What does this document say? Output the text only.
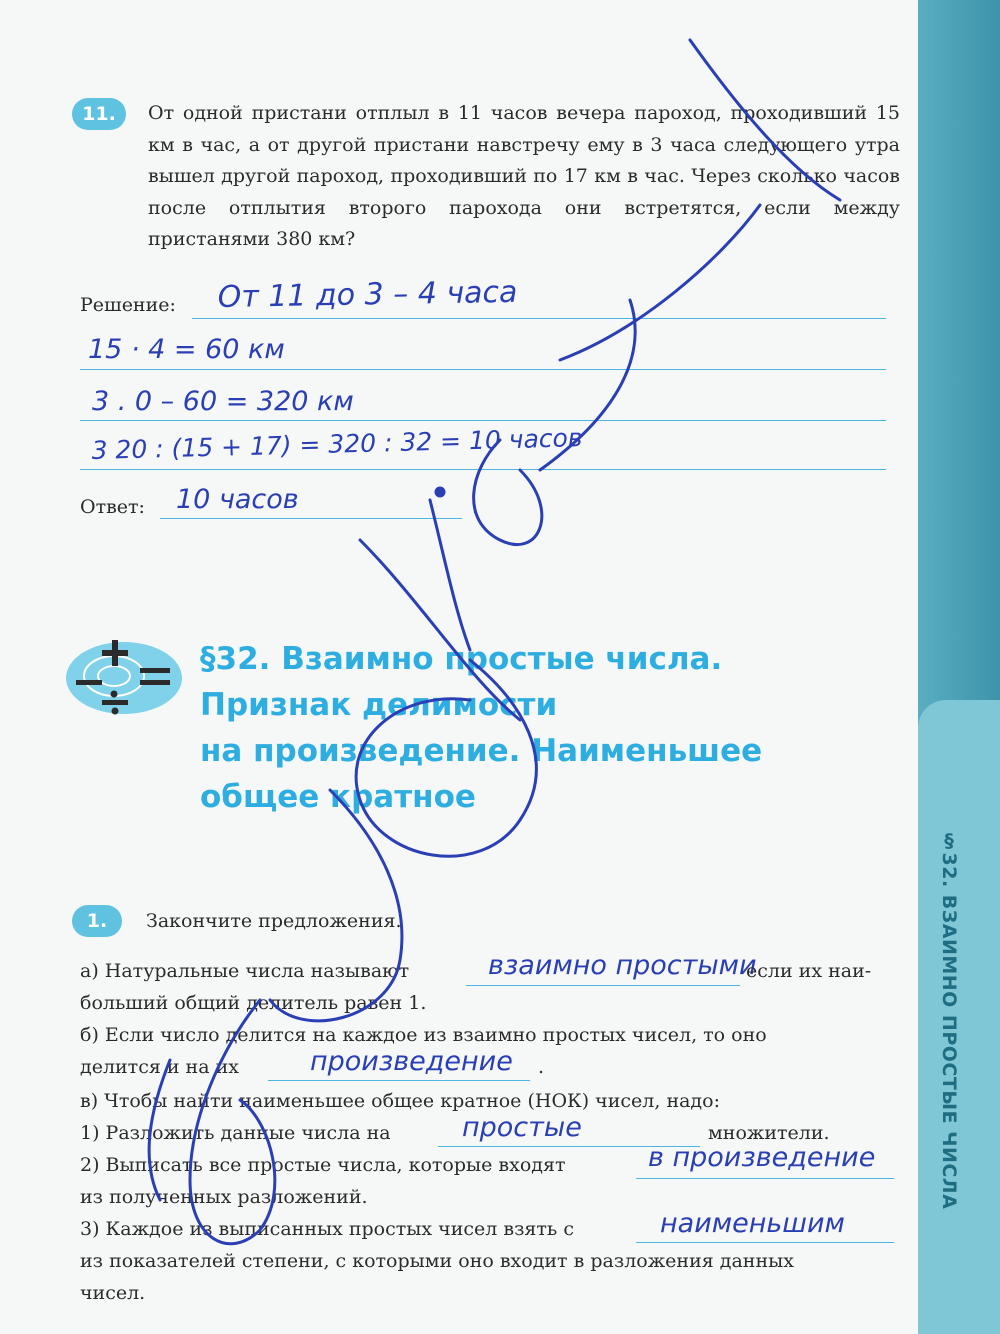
§32. ВЗАИМНО ПРОСТЫЕ ЧИСЛА
11.	От одной пристани отплыл в 11 часов вечера пароход, проходивший 15 км в час, а от другой пристани навстречу ему в 3 часа следующего утра вышел другой пароход, проходивший по 17 км в час. Через сколько часов после отплытия второго парохода они встретятся, если между пристанями 380 км?

Решение: От 11 до 3 – 4 часа
15 · 4 = 60 км
3 . 0 – 60 = 320 км
3 20 : (15 + 17) = 320 : 32 = 10 часов
Ответ: 10 часов	.
§32. Взаимно простые числа.
Признак делимости
на произведение. Наименьшее
общее кратное
1.	Закончите предложения.
а) Натуральные числа называют	взаимно простыми
если их наи-
больший общий делитель равен 1.
б) Если число делится на каждое из взаимно простых чисел, то оно
делится и на их	произведение .
в) Чтобы найти наименьшее общее кратное (НОК) чисел, надо:
1) Разложить данные числа на	простые	множители.
2) Выписать все простые числа, которые входят	в произведение
из полученных разложений.
3) Каждое из выписанных простых чисел взять с	наименьшим
из показателей степени, с которыми оно входит в разложения данных
чисел.
